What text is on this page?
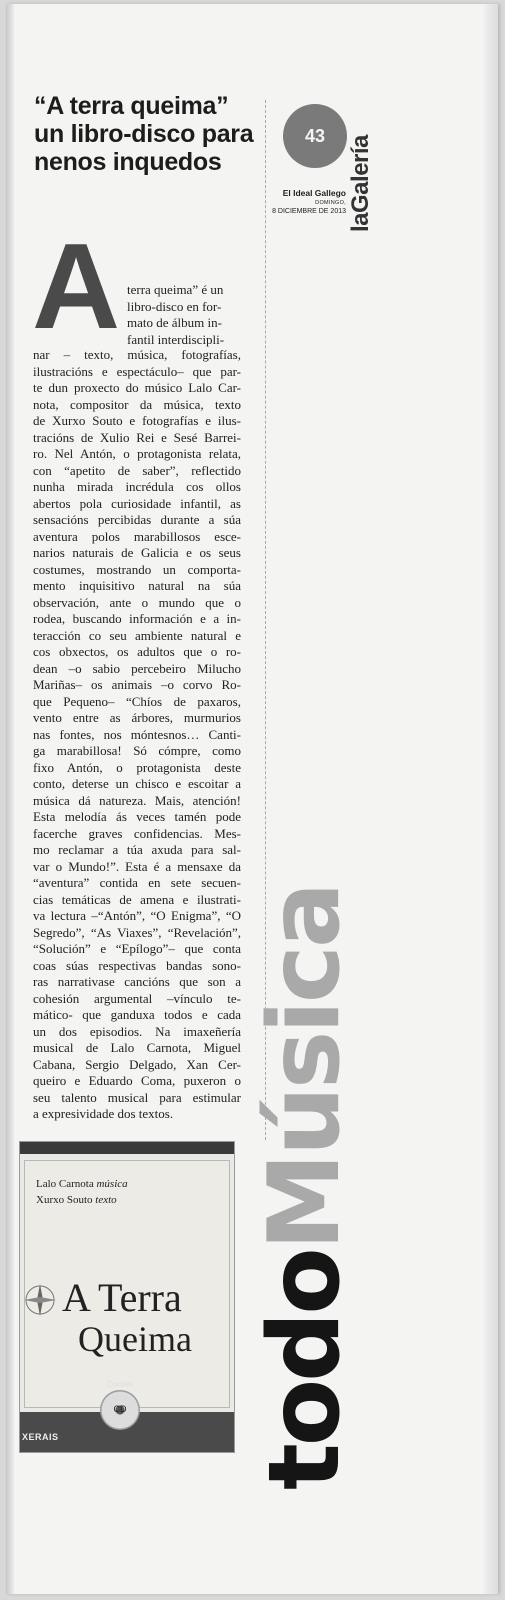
“A terra queima” un libro-disco para nenos inquedos
A terra queima” é un
libro-disco en for-
mato de álbum in-
fantil interdiscipli-
nar – texto, música, fotografías,
ilustracións e espectáculo– que par-
te dun proxecto do músico Lalo Car-
nota, compositor da música, texto
de Xurxo Souto e fotografías e ilus-
tracións de Xulio Rei e Sesé Barrei-
ro. Nel Antón, o protagonista relata,
con “apetito de saber”, reflectido
nunha mirada incrédula cos ollos
abertos pola curiosidade infantil, as
sensacións percibidas durante a súa
aventura polos marabillosos esce-
narios naturais de Galicia e os seus
costumes, mostrando un comporta-
mento inquisitivo natural na súa
observación, ante o mundo que o
rodea, buscando información e a in-
teracción co seu ambiente natural e
cos obxectos, os adultos que o ro-
dean –o sabio percebeiro Milucho
Mariñas– os animais –o corvo Ro-
que Pequeno– “Chíos de paxaros,
vento entre as árbores, murmurios
nas fontes, nos móntesnos… Canti-
ga marabillosa! Só cómpre, como
fixo Antón, o protagonista deste
conto, deterse un chisco e escoitar a
música dá natureza. Mais, atención!
Esta melodía ás veces tamén pode
facerche graves confidencias. Mes-
mo reclamar a túa axuda para sal-
var o Mundo!”. Esta é a mensaxe da
“aventura” contida en sete secuen-
cias temáticas de amena e ilustrati-
va lectura –“Antón”, “O Enigma”, “O
Segredo”, “As Viaxes”, “Revelación”,
“Solución” e “Epílogo”– que conta
coas súas respectivas bandas sono-
ras narrativase cancións que son a
cohesión argumental –vínculo te-
mático- que ganduxa todos e cada
un dos episodios. Na imaxeñería
musical de Lalo Carnota, Miguel
Cabana, Sergio Delgado, Xan Cer-
queiro e Eduardo Coma, puxeron o
seu talento musical para estimular
a expresividade dos textos.
43 laGalería
El Ideal Gallego
DOMINGO,
8 DICIEMBRE DE 2013
todoMúsica
Lalo Carnota música
Xurxo Souto texto
A Terra
Queima
Contén
CD
XERAIS
